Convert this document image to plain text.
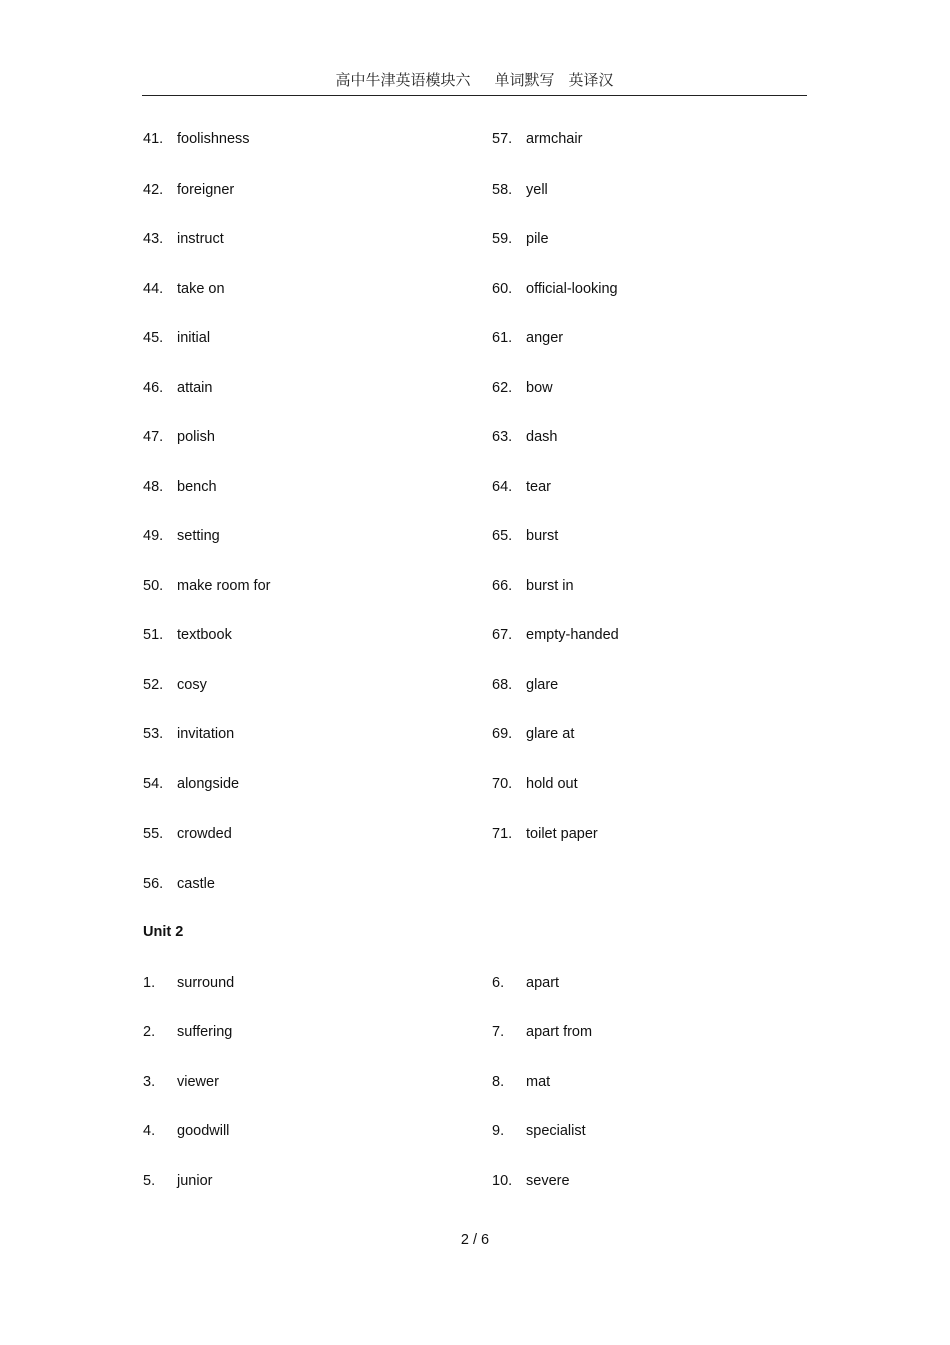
高中牛津英语模块六 单词默写 英译汉
41. foolishness
42. foreigner
43. instruct
44. take on
45. initial
46. attain
47. polish
48. bench
49. setting
50. make room for
51. textbook
52. cosy
53. invitation
54. alongside
55. crowded
56. castle
57. armchair
58. yell
59. pile
60. official-looking
61. anger
62. bow
63. dash
64. tear
65. burst
66. burst in
67. empty-handed
68. glare
69. glare at
70. hold out
71. toilet paper
Unit 2
1. surround
2. suffering
3. viewer
4. goodwill
5. junior
6. apart
7. apart from
8. mat
9. specialist
10. severe
2 / 6
